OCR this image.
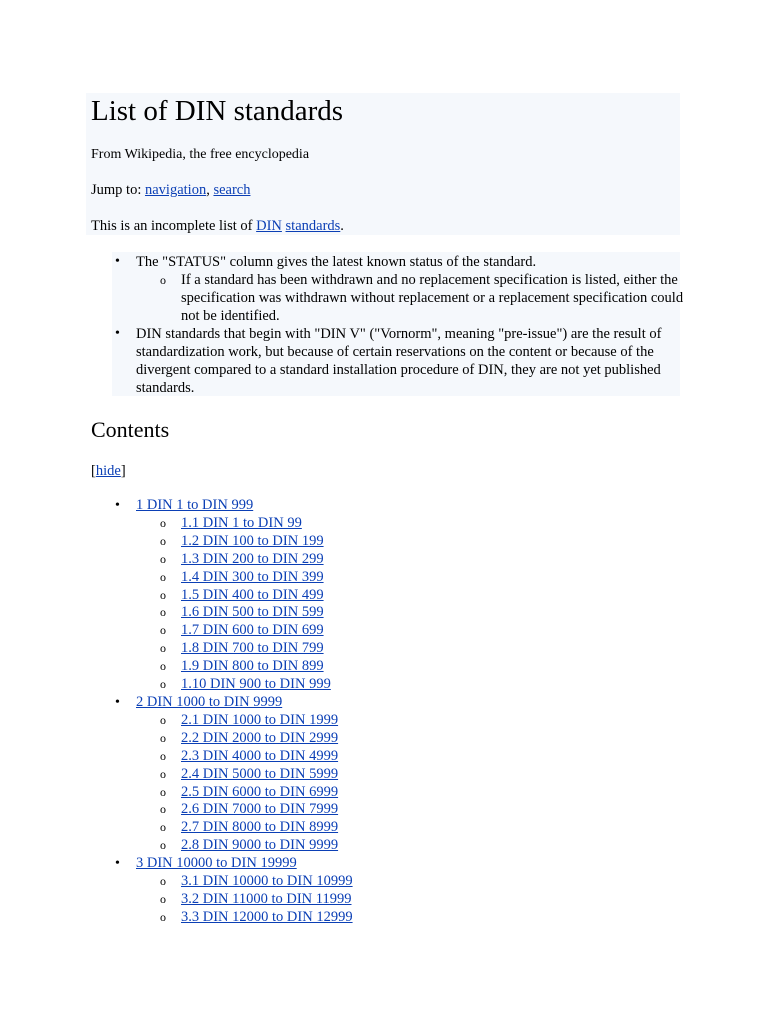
List of DIN standards

From Wikipedia, the free encyclopedia

Jump to: navigation, search

This is an incomplete list of DIN standards.

• The "STATUS" column gives the latest known status of the standard.
o If a standard has been withdrawn and no replacement specification is listed, either the specification was withdrawn without replacement or a replacement specification could not be identified.
• DIN standards that begin with "DIN V" ("Vornorm", meaning "pre-issue") are the result of standardization work, but because of certain reservations on the content or because of the divergent compared to a standard installation procedure of DIN, they are not yet published standards.
Contents

[hide]

• 1 DIN 1 to DIN 999
o 1.1 DIN 1 to DIN 99
o 1.2 DIN 100 to DIN 199
o 1.3 DIN 200 to DIN 299
o 1.4 DIN 300 to DIN 399
o 1.5 DIN 400 to DIN 499
o 1.6 DIN 500 to DIN 599
o 1.7 DIN 600 to DIN 699
o 1.8 DIN 700 to DIN 799
o 1.9 DIN 800 to DIN 899
o 1.10 DIN 900 to DIN 999
• 2 DIN 1000 to DIN 9999
o 2.1 DIN 1000 to DIN 1999
o 2.2 DIN 2000 to DIN 2999
o 2.3 DIN 4000 to DIN 4999
o 2.4 DIN 5000 to DIN 5999
o 2.5 DIN 6000 to DIN 6999
o 2.6 DIN 7000 to DIN 7999
o 2.7 DIN 8000 to DIN 8999
o 2.8 DIN 9000 to DIN 9999
• 3 DIN 10000 to DIN 19999
o 3.1 DIN 10000 to DIN 10999
o 3.2 DIN 11000 to DIN 11999
o 3.3 DIN 12000 to DIN 12999
